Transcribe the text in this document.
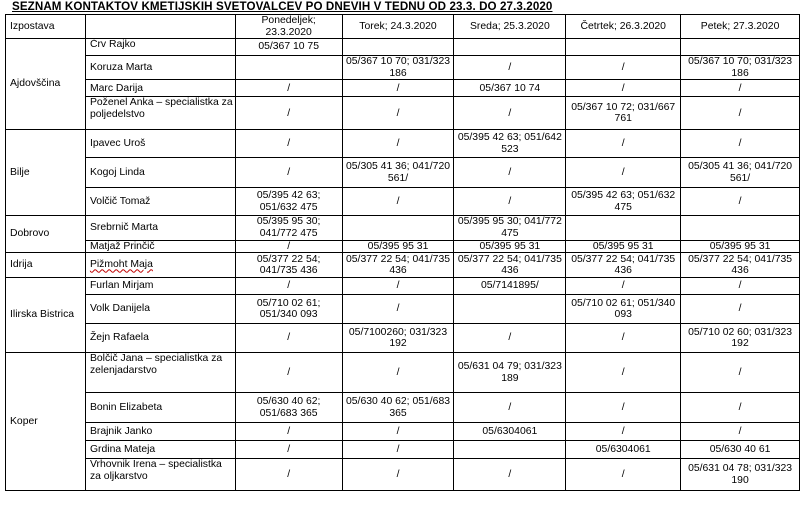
SEZNAM KONTAKTOV KMETIJSKIH SVETOVALCEV PO DNEVIH V TEDNU OD 23.3. DO 27.3.2020
Izpostava		Ponedeljek; 23.3.2020	Torek; 24.3.2020	Sreda; 25.3.2020	Četrtek; 26.3.2020	Petek; 27.3.2020
Ajdovščina	Črv Rajko	05/367 10 75				
	Koruza Marta		05/367 10 70; 031/323 186	/	/	05/367 10 70; 031/323 186
	Marc Darija	/	/	05/367 10 74	/	/
	Poženel Anka – specialistka za poljedelstvo	/	/	/	05/367 10 72; 031/667 761	/
Bilje	Ipavec Uroš	/	/	05/395 42 63; 051/642 523	/	/
	Kogoj Linda	/	05/305 41 36; 041/720 561/	/	/	05/305 41 36; 041/720 561/
	Volčič Tomaž	05/395 42 63; 051/632 475	/	/	05/395 42 63; 051/632 475	/
Dobrovo	Srebrnič Marta	05/395 95 30; 041/772 475		05/395 95 30; 041/772 475		
	Matjaž Prinčič	/	05/395 95 31	05/395 95 31	05/395 95 31	05/395 95 31
Idrija	Pižmoht Maja	05/377 22 54; 041/735 436	05/377 22 54; 041/735 436	05/377 22 54; 041/735 436	05/377 22 54; 041/735 436	05/377 22 54; 041/735 436
Ilirska Bistrica	Furlan Mirjam	/	/	05/7141895/	/	/
	Volk Danijela	05/710 02 61; 051/340 093	/		05/710 02 61; 051/340 093	/
	Žejn Rafaela	/	05/7100260; 031/323 192	/	/	05/710 02 60; 031/323 192
Koper	Bolčič Jana – specialistka za zelenjadarstvo	/	/	05/631 04 79; 031/323 189	/	/
	Bonin Elizabeta	05/630 40 62; 051/683 365	05/630 40 62; 051/683 365	/	/	/
	Brajnik Janko	/	/	05/6304061	/	/
	Grdina Mateja	/	/		05/6304061	05/630 40 61
	Vrhovnik Irena – specialistka za oljkarstvo	/	/	/	/	05/631 04 78; 031/323 190
